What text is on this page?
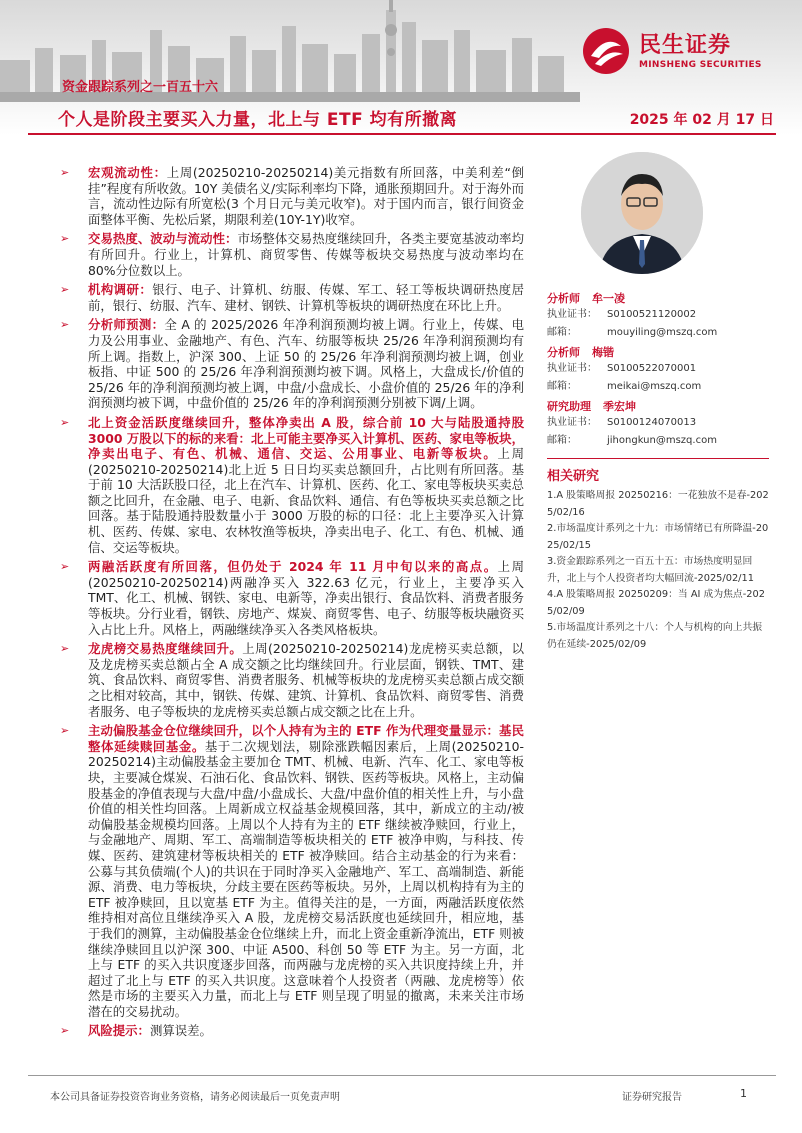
资金跟踪系列之一百五十六
个人是阶段主要买入力量，北上与 ETF 均有所撤离	2025 年 02 月 17 日
民生证券
MINSHENG SECURITIES
➢ 宏观流动性：上周(20250210-20250214)美元指数有所回落，中美利差“倒挂”程度有所收敛。10Y 美债名义/实际利率均下降，通胀预期回升。对于海外而言，流动性边际有所宽松(3 个月日元与美元收窄)。对于国内而言，银行间资金面整体平衡、先松后紧，期限利差(10Y-1Y)收窄。
➢ 交易热度、波动与流动性：市场整体交易热度继续回升，各类主要宽基波动率均有所回升。行业上，计算机、商贸零售、传媒等板块交易热度与波动率均在 80%分位数以上。
➢ 机构调研：银行、电子、计算机、纺服、传媒、军工、轻工等板块调研热度居前，银行、纺服、汽车、建材、钢铁、计算机等板块的调研热度在环比上升。
➢ 分析师预测：全 A 的 2025/2026 年净利润预测均被上调。行业上，传媒、电力及公用事业、金融地产、有色、汽车、纺服等板块 25/26 年净利润预测均有所上调。指数上，沪深 300、上证 50 的 25/26 年净利润预测均被上调，创业板指、中证 500 的 25/26 年净利润预测均被下调。风格上，大盘成长/价值的 25/26 年的净利润预测均被上调，中盘/小盘成长、小盘价值的 25/26 年的净利润预测均被下调，中盘价值的 25/26 年的净利润预测分别被下调/上调。
➢ 北上资金活跃度继续回升，整体净卖出 A 股，综合前 10 大与陆股通持股 3000 万股以下的标的来看：北上可能主要净买入计算机、医药、家电等板块，净卖出电子、有色、机械、通信、交运、公用事业、电新等板块。上周(20250210-20250214)北上近 5 日日均买卖总额回升，占比则有所回落。基于前 10 大活跃股口径，北上在汽车、计算机、医药、化工、家电等板块买卖总额之比回升，在金融、电子、电新、食品饮料、通信、有色等板块买卖总额之比回落。基于陆股通持股数量小于 3000 万股的标的口径：北上主要净买入计算机、医药、传媒、家电、农林牧渔等板块，净卖出电子、化工、有色、机械、通信、交运等板块。
➢ 两融活跃度有所回落，但仍处于 2024 年 11 月中旬以来的高点。上周(20250210-20250214)两融净买入 322.63 亿元，行业上，主要净买入 TMT、化工、机械、钢铁、家电、电新等，净卖出银行、食品饮料、消费者服务等板块。分行业看，钢铁、房地产、煤炭、商贸零售、电子、纺服等板块融资买入占比上升。风格上，两融继续净买入各类风格板块。
➢ 龙虎榜交易热度继续回升。上周(20250210-20250214)龙虎榜买卖总额，以及龙虎榜买卖总额占全 A 成交额之比均继续回升。行业层面，钢铁、TMT、建筑、食品饮料、商贸零售、消费者服务、机械等板块的龙虎榜买卖总额占成交额之比相对较高，其中，钢铁、传媒、建筑、计算机、食品饮料、商贸零售、消费者服务、电子等板块的龙虎榜买卖总额占成交额之比在上升。
➢ 主动偏股基金仓位继续回升，以个人持有为主的 ETF 作为代理变量显示：基民整体延续赎回基金。基于二次规划法，剔除涨跌幅因素后，上周(20250210-20250214)主动偏股基金主要加仓 TMT、机械、电新、汽车、化工、家电等板块，主要减仓煤炭、石油石化、食品饮料、钢铁、医药等板块。风格上，主动偏股基金的净值表现与大盘/中盘/小盘成长、大盘/中盘价值的相关性上升，与小盘价值的相关性均回落。上周新成立权益基金规模回落，其中，新成立的主动/被动偏股基金规模均回落。上周以个人持有为主的 ETF 继续被净赎回，行业上，与金融地产、周期、军工、高端制造等板块相关的 ETF 被净申购，与科技、传媒、医药、建筑建材等板块相关的 ETF 被净赎回。结合主动基金的行为来看：公募与其负债端(个人)的共识在于同时净买入金融地产、军工、高端制造、新能源、消费、电力等板块，分歧主要在医药等板块。另外，上周以机构持有为主的 ETF 被净赎回，且以宽基 ETF 为主。值得关注的是，一方面，两融活跃度依然维持相对高位且继续净买入 A 股，龙虎榜交易活跃度也延续回升，相应地，基于我们的测算，主动偏股基金仓位继续上升，而北上资金重新净流出，ETF 则被继续净赎回且以沪深 300、中证 A500、科创 50 等 ETF 为主。另一方面，北上与 ETF 的买入共识度逐步回落，而两融与龙虎榜的买入共识度持续上升，并超过了北上与 ETF 的买入共识度。这意味着个人投资者（两融、龙虎榜等）依然是市场的主要买入力量，而北上与 ETF 则呈现了明显的撤离，未来关注市场潜在的交易扰动。
➢ 风险提示：测算误差。
分析师 牟一凌
执业证书： S0100521120002
邮箱：	mouyiling@mszq.com
分析师 梅锴
执业证书： S0100522070001
邮箱：	meikai@mszq.com
研究助理 季宏坤
执业证书： S0100124070013
邮箱：	jihongkun@mszq.com
相关研究
1.A 股策略周报 20250216：一花独放不是春-2025/02/16
2.市场温度计系列之十九：市场情绪已有所降温-2025/02/15
3.资金跟踪系列之一百五十五：市场热度明显回升，北上与个人投资者均大幅回流-2025/02/11
4.A 股策略周报 20250209：当 AI 成为焦点-2025/02/09
5.市场温度计系列之十八：个人与机构的向上共振仍在延续-2025/02/09
本公司具备证券投资咨询业务资格，请务必阅读最后一页免责声明	证券研究报告	1
